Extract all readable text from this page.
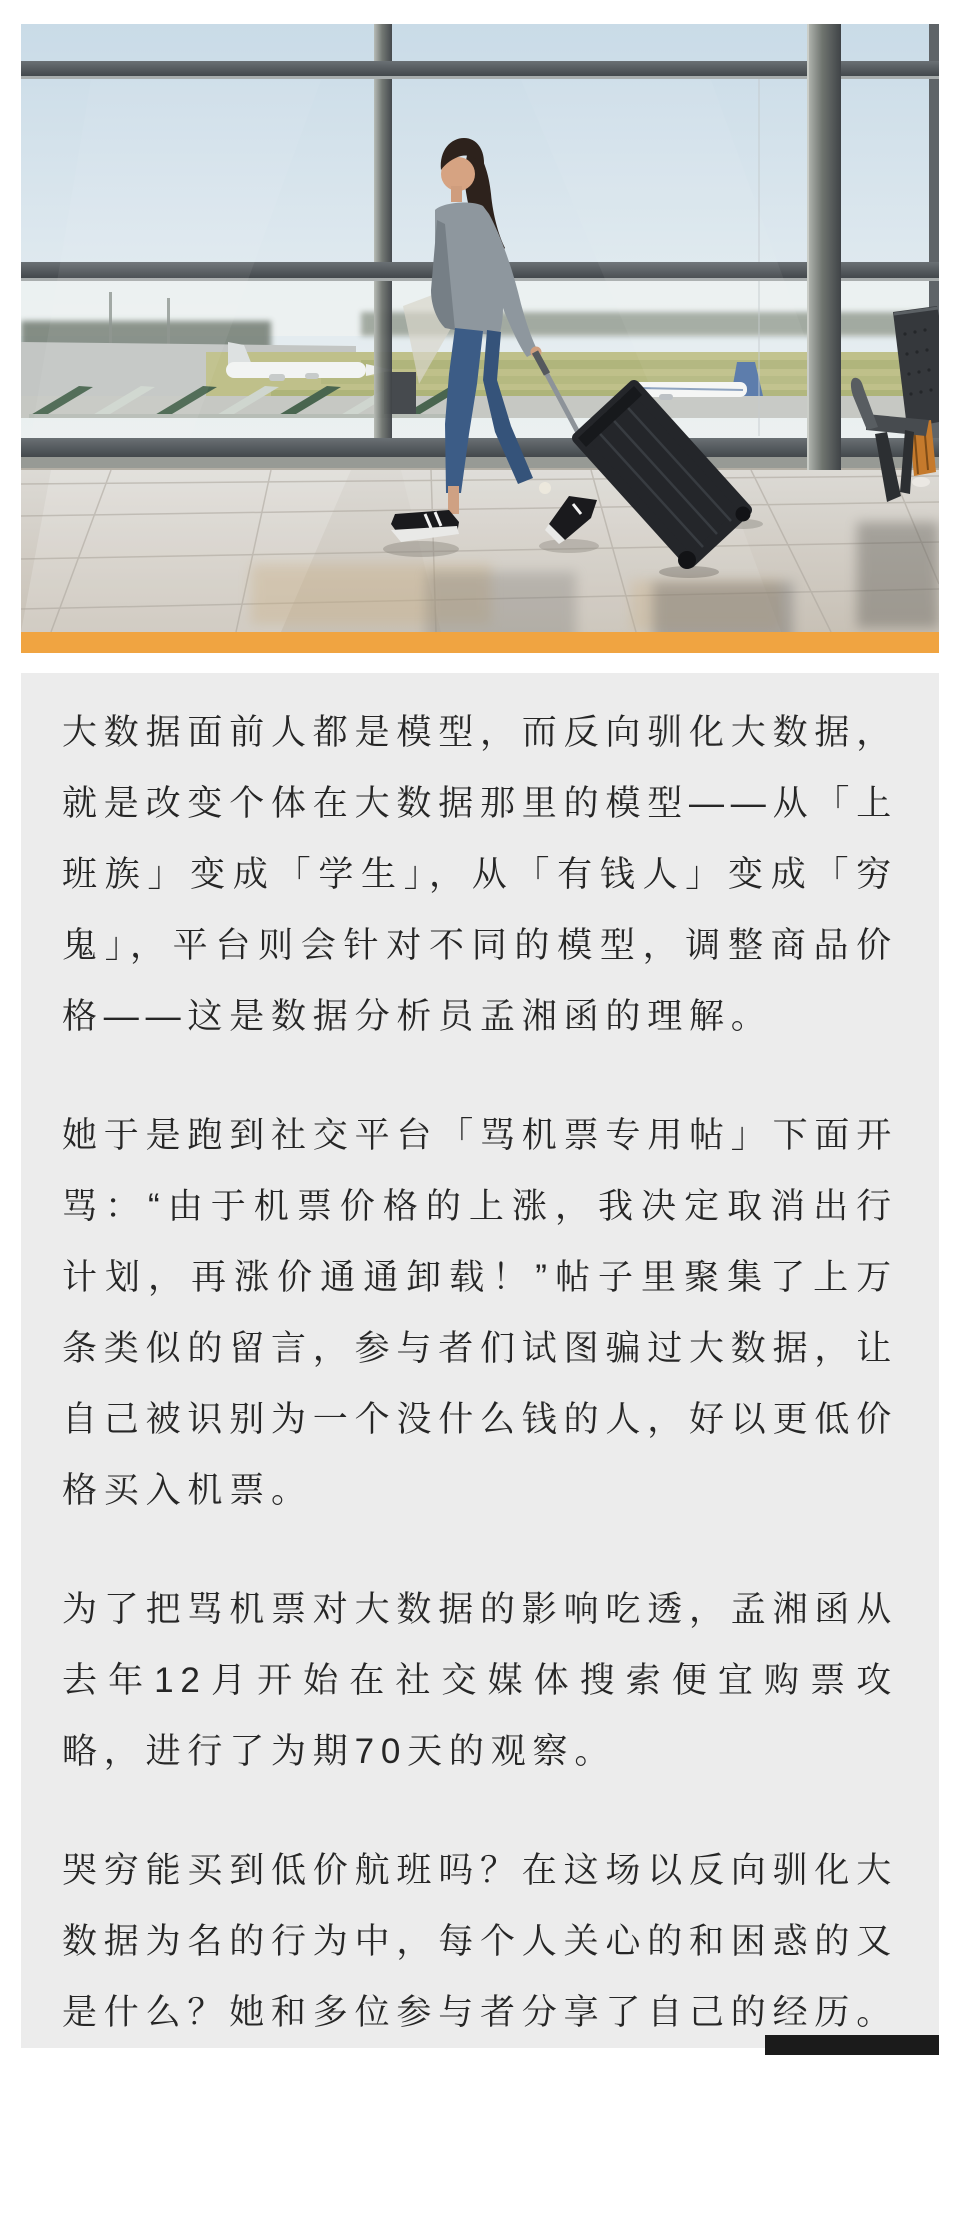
大数据面前人都是模型，而反向驯化大数据，就是改变个体在大数据那里的模型——从「上班族」变成「学生」，从「有钱人」变成「穷鬼」，平台则会针对不同的模型，调整商品价格——这是数据分析员孟湘函的理解。

她于是跑到社交平台「骂机票专用帖」下面开骂：“由于机票价格的上涨，我决定取消出行计划，再涨价通通卸载！”帖子里聚集了上万条类似的留言，参与者们试图骗过大数据，让自己被识别为一个没什么钱的人，好以更低价格买入机票。

为了把骂机票对大数据的影响吃透，孟湘函从去年12月开始在社交媒体搜索便宜购票攻略，进行了为期70天的观察。

哭穷能买到低价航班吗？在这场以反向驯化大数据为名的行为中，每个人关心的和困惑的又是什么？她和多位参与者分享了自己的经历。
